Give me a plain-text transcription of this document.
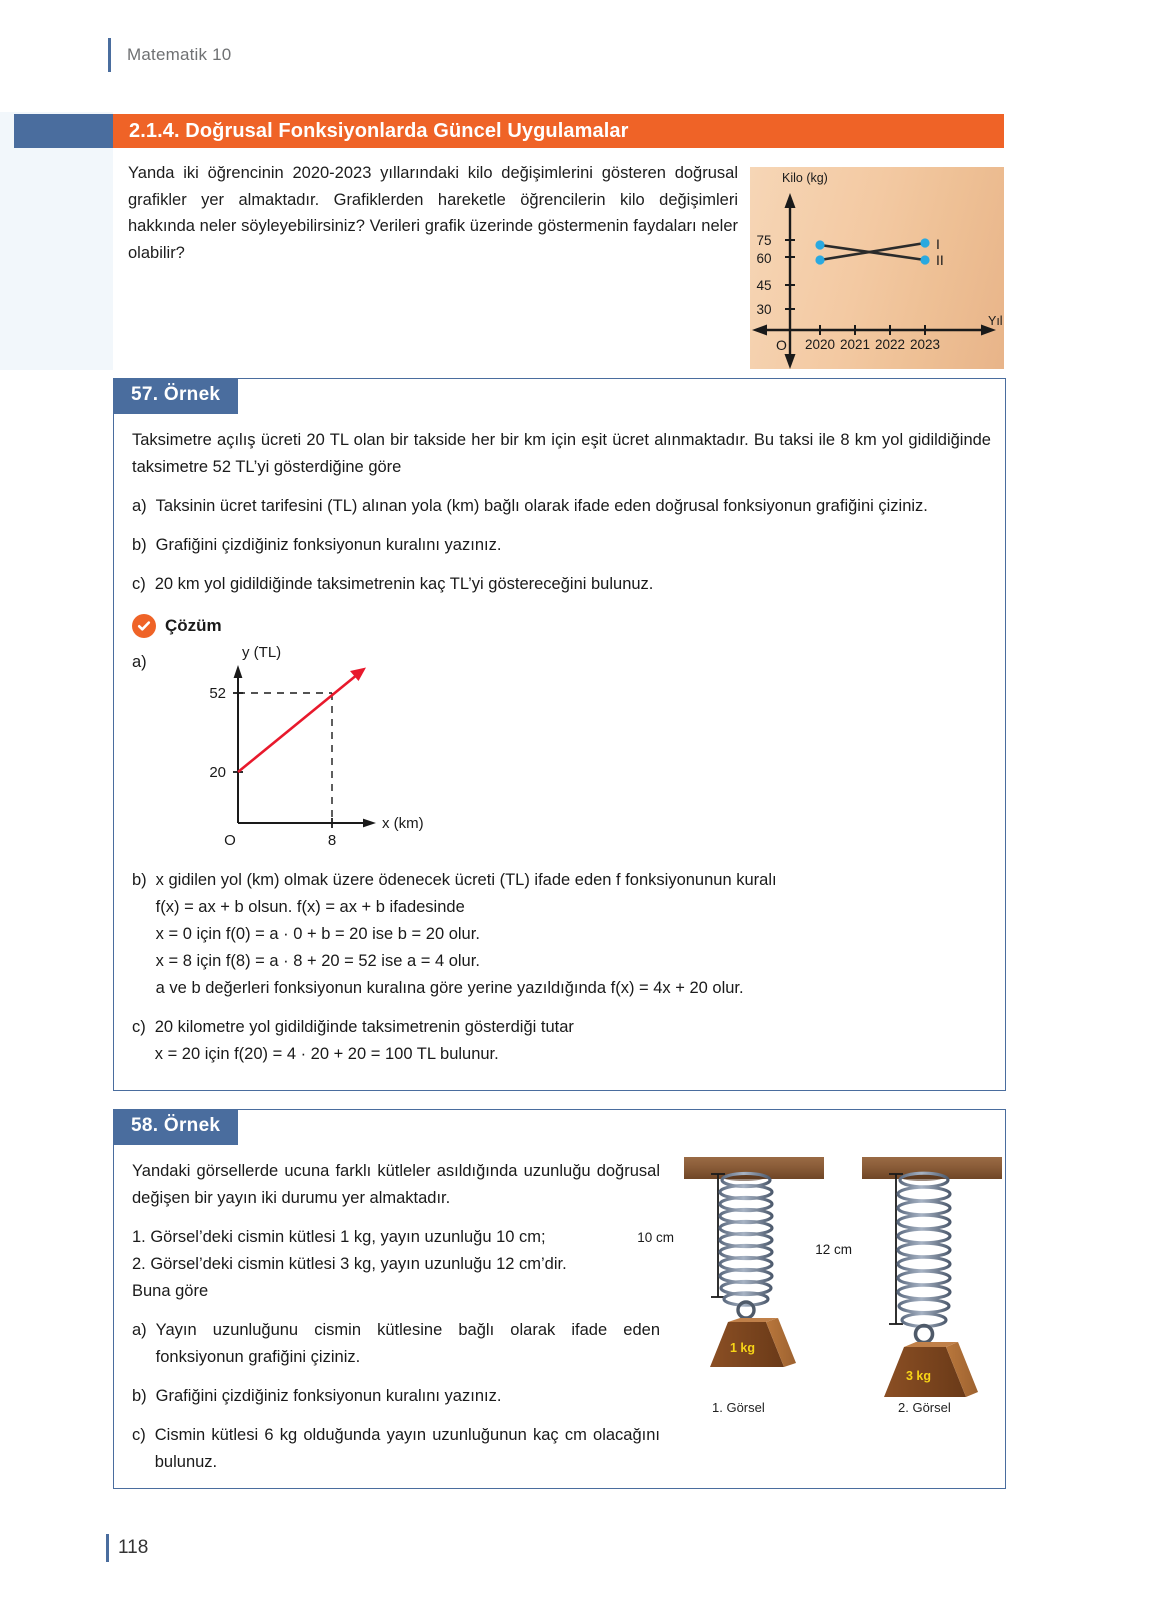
Matematik 10
2.1.4. Doğrusal Fonksiyonlarda Güncel Uygulamalar
Yanda iki öğrencinin 2020-2023 yıllarındaki kilo değişimlerini gösteren doğrusal grafikler yer almaktadır. Grafiklerden hareketle öğrencilerin kilo değişimleri hakkında neler söyleyebilirsiniz? Verileri grafik üzerinde göstermenin faydaları neler olabilir?
Kilo (kg)
75
60
45
30
2020 2021 2022 2023
O
Yıl
I
II
57. Örnek

Taksimetre açılış ücreti 20 TL olan bir takside her bir km için eşit ücret alınmaktadır. Bu taksi ile 8 km yol gidildiğinde taksimetre 52 TL’yi gösterdiğine göre

a) Taksinin ücret tarifesini (TL) alınan yola (km) bağlı olarak ifade eden doğrusal fonksiyonun grafiğini çiziniz.
b) Grafiğini çizdiğiniz fonksiyonun kuralını yazınız.
c) 20 km yol gidildiğinde taksimetrenin kaç TL’yi göstereceğini bulunuz.
Çözüm
a)
y (TL)
52
20
8
O
x (km)
b) x gidilen yol (km) olmak üzere ödenecek ücreti (TL) ifade eden f fonksiyonunun kuralı

f(x) = ax + b olsun. f(x) = ax + b ifadesinde

x = 0 için f(0) = a · 0 + b = 20 ise b = 20 olur.

x = 8 için f(8) = a · 8 + 20 = 52 ise a = 4 olur.

a ve b değerleri fonksiyonun kuralına göre yerine yazıldığında f(x) = 4x + 20 olur.

c) 20 kilometre yol gidildiğinde taksimetrenin gösterdiği tutar

x = 20 için f(20) = 4 · 20 + 20 = 100 TL bulunur.

58. Örnek

Yandaki görsellerde ucuna farklı kütleler asıldığında uzunluğu doğrusal değişen bir yayın iki durumu yer almaktadır.

1. Görsel’deki cismin kütlesi 1 kg, yayın uzunluğu 10 cm;

2. Görsel’deki cismin kütlesi 3 kg, yayın uzunluğu 12 cm’dir.

Buna göre

a) Yayın uzunluğunu cismin kütlesine bağlı olarak ifade eden fonksiyonun grafiğini çiziniz.
b) Grafiğini çizdiğiniz fonksiyonun kuralını yazınız.
c) Cismin kütlesi 6 kg olduğunda yayın uzunluğunun kaç cm olacağını bulunuz.
1 kg
10 cm
3 kg
12 cm
1. Görsel	2. Görsel
118
